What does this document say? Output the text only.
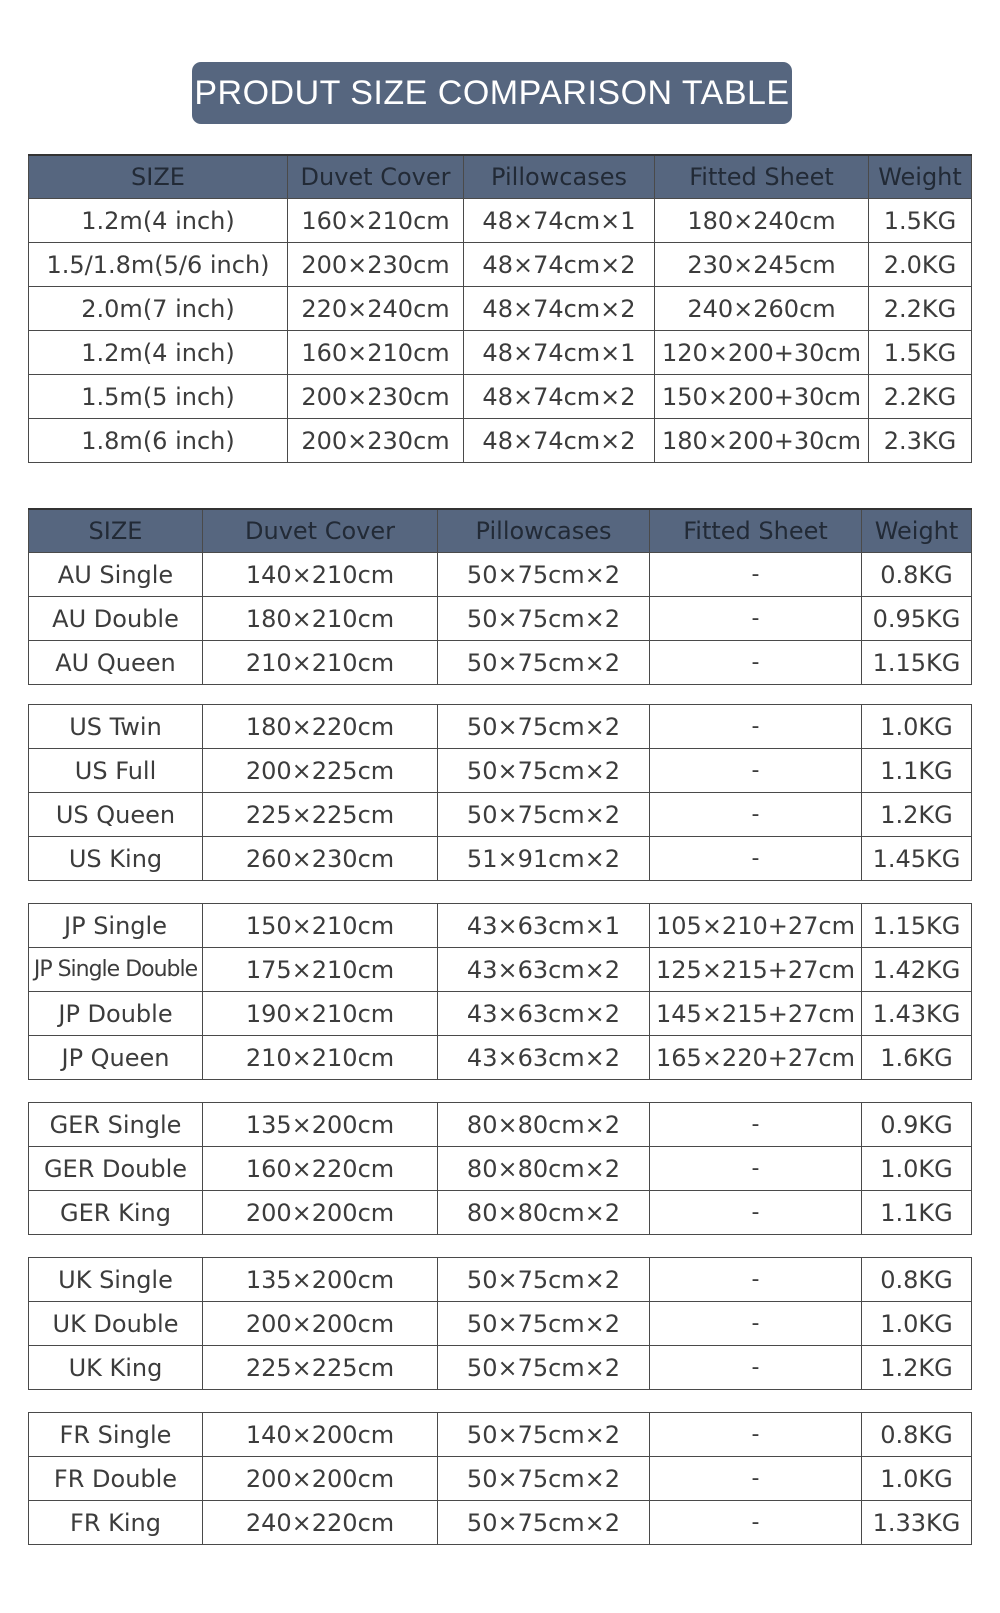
PRODUT SIZE COMPARISON TABLE
SIZE	Duvet Cover	Pillowcases	Fitted Sheet	Weight
1.2m(4 inch)	160×210cm	48×74cm×1	180×240cm	1.5KG
1.5/1.8m(5/6 inch)	200×230cm	48×74cm×2	230×245cm	2.0KG
2.0m(7 inch)	220×240cm	48×74cm×2	240×260cm	2.2KG
1.2m(4 inch)	160×210cm	48×74cm×1	120×200+30cm	1.5KG
1.5m(5 inch)	200×230cm	48×74cm×2	150×200+30cm	2.2KG
1.8m(6 inch)	200×230cm	48×74cm×2	180×200+30cm	2.3KG
SIZE	Duvet Cover	Pillowcases	Fitted Sheet	Weight
AU Single	140×210cm	50×75cm×2	-	0.8KG
AU Double	180×210cm	50×75cm×2	-	0.95KG
AU Queen	210×210cm	50×75cm×2	-	1.15KG
US Twin	180×220cm	50×75cm×2	-	1.0KG
US Full	200×225cm	50×75cm×2	-	1.1KG
US Queen	225×225cm	50×75cm×2	-	1.2KG
US King	260×230cm	51×91cm×2	-	1.45KG
JP Single	150×210cm	43×63cm×1	105×210+27cm	1.15KG
JP Single Double	175×210cm	43×63cm×2	125×215+27cm	1.42KG
JP Double	190×210cm	43×63cm×2	145×215+27cm	1.43KG
JP Queen	210×210cm	43×63cm×2	165×220+27cm	1.6KG
GER Single	135×200cm	80×80cm×2	-	0.9KG
GER Double	160×220cm	80×80cm×2	-	1.0KG
GER King	200×200cm	80×80cm×2	-	1.1KG
UK Single	135×200cm	50×75cm×2	-	0.8KG
UK Double	200×200cm	50×75cm×2	-	1.0KG
UK King	225×225cm	50×75cm×2	-	1.2KG
FR Single	140×200cm	50×75cm×2	-	0.8KG
FR Double	200×200cm	50×75cm×2	-	1.0KG
FR King	240×220cm	50×75cm×2	-	1.33KG
